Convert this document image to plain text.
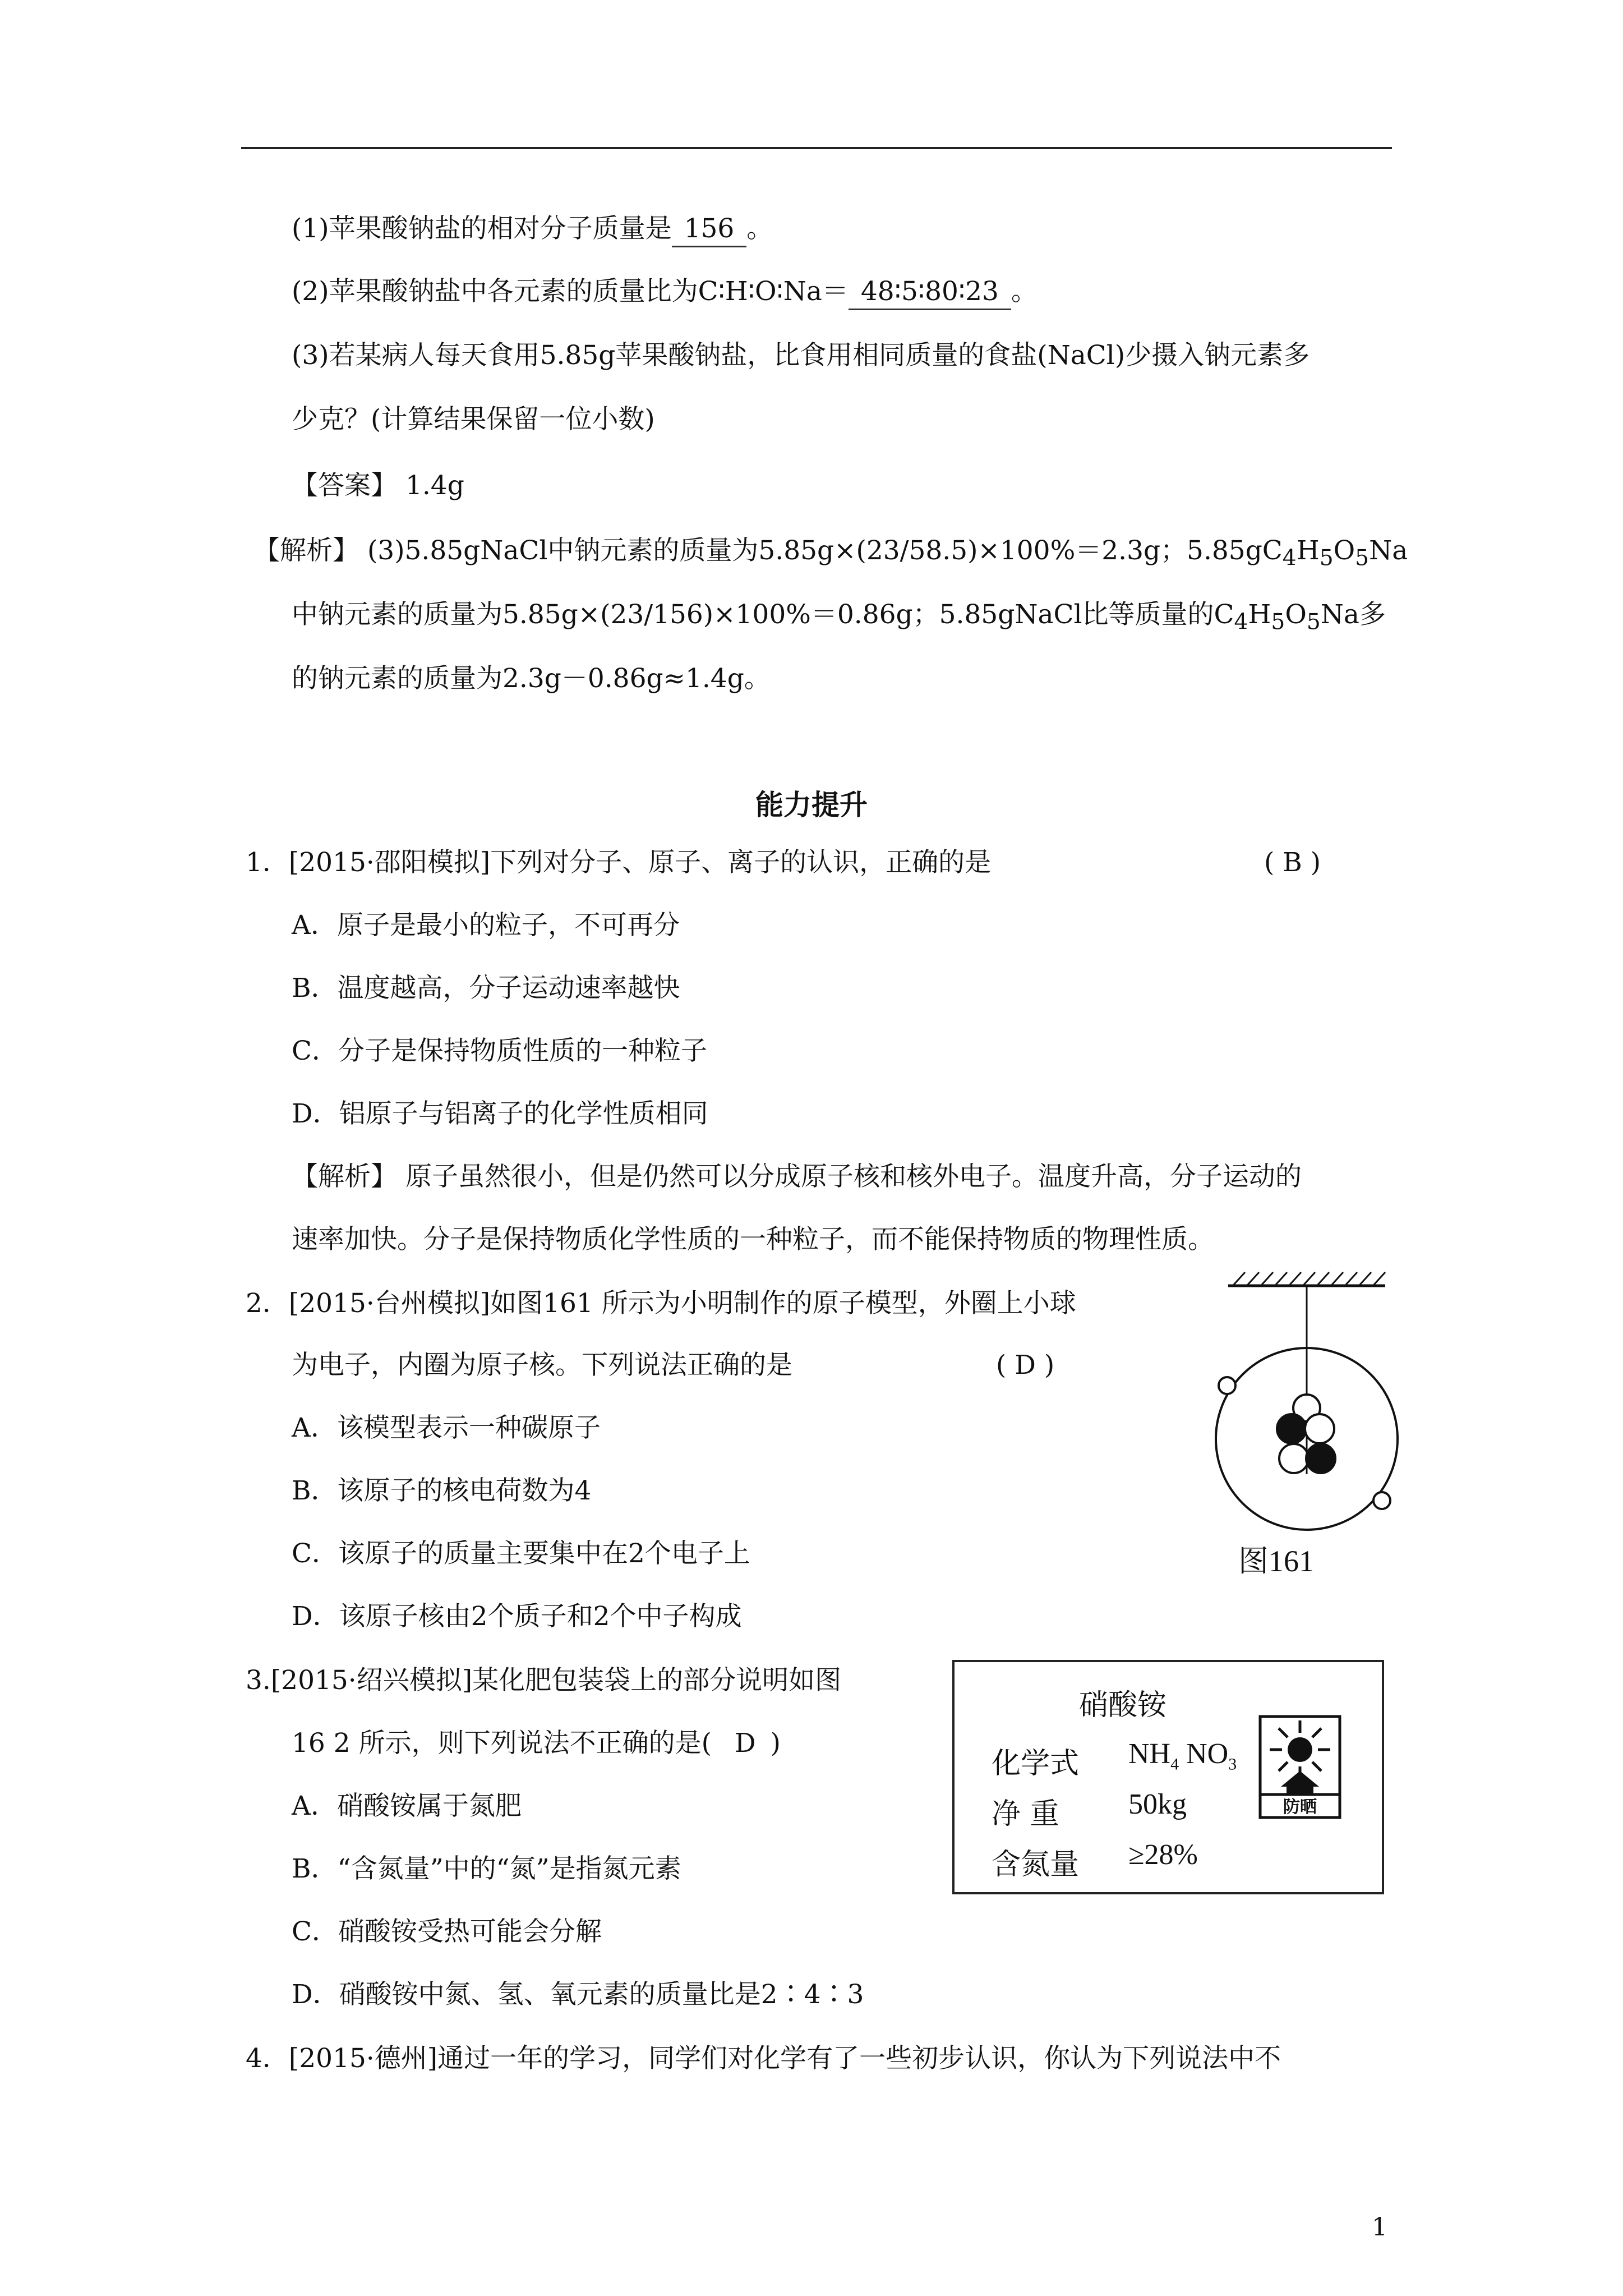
(1)苹果酸钠盐的相对分子质量是 156 。
(2)苹果酸钠盐中各元素的质量比为C∶H∶O∶Na＝ 48∶5∶80∶23 。
(3)若某病人每天食用5.85g苹果酸钠盐，比食用相同质量的食盐(NaCl)少摄入钠元素多
少克？(计算结果保留一位小数)
【答案】 1.4g
【解析】 (3)5.85gNaCl中钠元素的质量为5.85g×(23/58.5)×100%＝2.3g；$5.85gC_4H_5O_5Na$
中钠元素的质量为5.85g×(23/156)×100%＝0.86g；5.85gNaCl比等质量的$C_4H_5O_5Na$多
的钠元素的质量为2.3g－0.86g≈1.4g。
能力提升
1．[2015·邵阳模拟]下列对分子、原子、离子的认识，正确的是	( B )
A．原子是最小的粒子，不可再分
B．温度越高，分子运动速率越快
C．分子是保持物质性质的一种粒子
D．铝原子与铝离子的化学性质相同
【解析】 原子虽然很小，但是仍然可以分成原子核和核外电子。温度升高，分子运动的
速率加快。分子是保持物质化学性质的一种粒子，而不能保持物质的物理性质。
2．[2015·台州模拟]如图161 所示为小明制作的原子模型，外圈上小球
为电子，内圈为原子核。下列说法正确的是	( D )
A．该模型表示一种碳原子
B．该原子的核电荷数为4
C．该原子的质量主要集中在2个电子上
D．该原子核由2个质子和2个中子构成
图161
3.[2015·绍兴模拟]某化肥包装袋上的部分说明如图
16 2 所示，则下列说法不正确的是( D )
A．硝酸铵属于氮肥
B．“含氮量”中的“氮”是指氮元素
C．硝酸铵受热可能会分解
D．硝酸铵中氮、氢、氧元素的质量比是2∶4∶3
硝酸铵
化学式 $NH_4$ $NO_3$
净 重 50kg
含氮量 ≥28%
防晒
4．[2015·德州]通过一年的学习，同学们对化学有了一些初步认识，你认为下列说法中不
1
